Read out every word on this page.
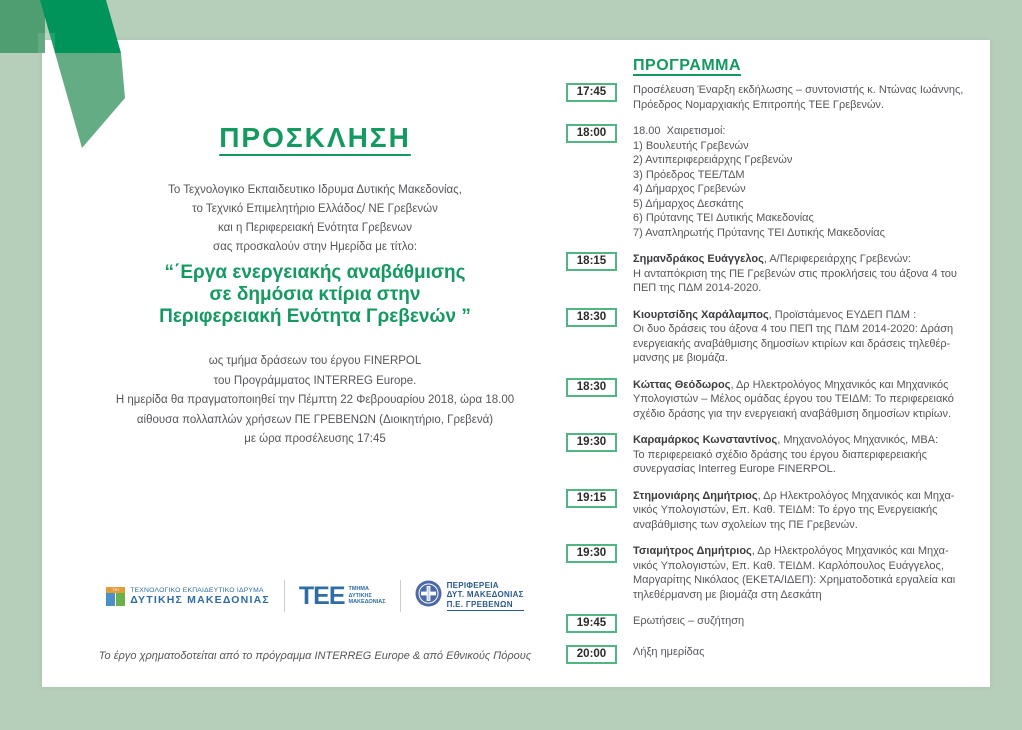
ΠΡΟΣΚΛΗΣΗ
Το Τεχνολογικο Εκπαιδευτικο Ιδρυμα Δυτικής Μακεδονίας,
το Τεχνικό Επιμελητήριο Ελλάδος/ ΝΕ Γρεβενών
και η Περιφερειακή Ενότητα Γρεβενων
σας προσκαλούν στην Ημερίδα με τίτλο:
“΄Εργα ενεργειακής αναβάθμισης
σε δημόσια κτίρια στην
Περιφερειακή Ενότητα Γρεβενών ”
ως τμήμα δράσεων του έργου FINERPOL
του Προγράμματος INTERREG Europe.
Η ημερίδα θα πραγματοποιηθεί την Πέμπτη 22 Φεβρουαρίου 2018, ώρα 18.00
αίθουσα πολλαπλών χρήσεων ΠΕ ΓΡΕΒΕΝΩΝ (Διοικητήριο, Γρεβενά)
με ώρα προσέλευσης 17:45
ΤΕΙ	ΤΕΧΝΟΛΟΓΙΚΟ ΕΚΠΑΙΔΕΥΤΙΚΟ ΙΔΡΥΜΑ
ΔΥΤΙΚΗΣ ΜΑΚΕΔΟΝΙΑΣ ΤΕΕ ΤΜΗΜΑ
ΔΥΤΙΚΗΣ
ΜΑΚΕΔΟΝΙΑΣ
ΠΕΡΙΦΕΡΕΙΑ
ΔΥΤ. ΜΑΚΕΔΟΝΙΑΣ
Π.Ε. ΓΡΕΒΕΝΩΝ
Το έργο χρηματοδοτείται από το πρόγραμμα INTERREG Europe & από Εθνικούς Πόρους
ΠΡΟΓΡΑΜΜΑ
17:45	Προσέλευση Έναρξη εκδήλωσης – συντονιστής κ. Ντώνας Ιωάννης,
Πρόεδρος Νομαρχιακής Επιτροπής ΤΕΕ Γρεβενών.
18:00	18.00  Χαιρετισμοί:
1) Βουλευτής Γρεβενών
2) Αντιπεριφερειάρχης Γρεβενών
3) Πρόεδρος ΤΕΕ/ΤΔΜ
4) Δήμαρχος Γρεβενών
5) Δήμαρχος Δεσκάτης
6) Πρύτανης ΤΕΙ Δυτικής Μακεδονίας
7) Αναπληρωτής Πρύτανης ΤΕΙ Δυτικής Μακεδονίας
18:15	Σημανδράκος Ευάγγελος, Α/Περιφερειάρχης Γρεβενών:
Η ανταπόκριση της ΠΕ Γρεβενών στις προκλήσεις του άξονα 4 του
ΠΕΠ της ΠΔΜ 2014-2020.
18:30	Κιουρτσίδης Χαράλαμπος, Προϊστάμενος ΕΥΔΕΠ ΠΔΜ :
Οι δυο δράσεις του άξονα 4 του ΠΕΠ της ΠΔΜ 2014-2020: Δράση
ενεργειακής αναβάθμισης δημοσίων κτιρίων και δράσεις τηλεθέρ-
μανσης με βιομάζα.
18:30	Κώττας Θεόδωρος, Δρ Ηλεκτρολόγος Μηχανικός και Μηχανικός
Υπολογιστών – Μέλος ομάδας έργου του ΤΕΙΔΜ: Το περιφερειακό
σχέδιο δράσης για την ενεργειακή αναβάθμιση δημοσίων κτιρίων.
19:30	Καραμάρκος Κωνσταντίνος, Μηχανολόγος Μηχανικός, MBA:
Το περιφερειακό σχέδιο δράσης του έργου διαπεριφερειακής
συνεργασίας Interreg Europe FINERPOL.
19:15	Στημονιάρης Δημήτριος, Δρ Ηλεκτρολόγος Μηχανικός και Μηχα-
νικός Υπολογιστών, Επ. Καθ. ΤΕΙΔΜ: Το έργο της Ενεργειακής
αναβάθμισης των σχολείων της ΠΕ Γρεβενών.
19:30	Τσιαμήτρος Δημήτριος, Δρ Ηλεκτρολόγος Μηχανικός και Μηχα-
νικός Υπολογιστών, Επ. Καθ. ΤΕΙΔΜ. Καρλόπουλος Ευάγγελος,
Μαργαρίτης Νικόλαος (ΕΚΕΤΑ/ΙΔΕΠ): Χρηματοδοτικά εργαλεία και
τηλεθέρμανση με βιομάζα στη Δεσκάτη
19:45	Ερωτήσεις – συζήτηση
20:00	Λήξη ημερίδας
